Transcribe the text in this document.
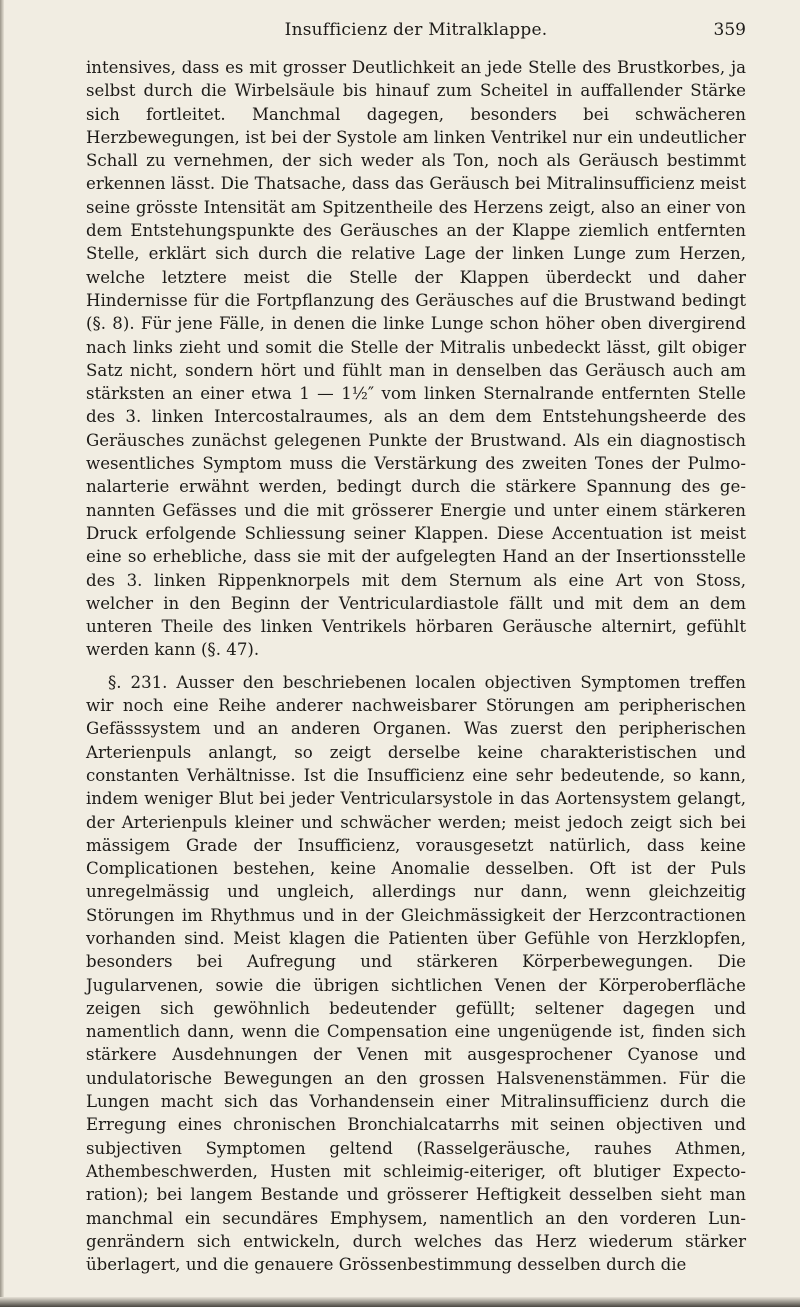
Insufficienz der Mitralklappe.	359

intensives, dass es mit grosser Deutlichkeit an jede Stelle des Brustkorbes, ja selbst durch die Wirbelsäule bis hinauf zum Scheitel in auffallender Stärke sich fortleitet. Manchmal dagegen, besonders bei schwächeren Herzbewegungen, ist bei der Systole am linken Ventrikel nur ein undeutlicher Schall zu vernehmen, der sich weder als Ton, noch als Geräusch bestimmt erkennen lässt. Die Thatsache, dass das Geräusch bei Mitralinsufficienz meist seine grösste Intensität am Spitzentheile des Herzens zeigt, also an einer von dem Entstehungspunkte des Geräusches an der Klappe ziemlich entfernten Stelle, erklärt sich durch die relative Lage der linken Lunge zum Herzen, welche letztere meist die Stelle der Klappen überdeckt und daher Hindernisse für die Fortpflanzung des Geräusches auf die Brustwand bedingt (§. 8). Für jene Fälle, in denen die linke Lunge schon höher oben divergirend nach links zieht und somit die Stelle der Mitralis unbedeckt lässt, gilt obiger Satz nicht, sondern hört und fühlt man in denselben das Geräusch auch am stärksten an einer etwa 1 — 1½″ vom linken Sternalrande entfernten Stelle des 3. linken Intercostalraumes, als an dem dem Entstehungsheerde des Geräusches zunächst gelegenen Punkte der Brustwand. Als ein diagnostisch wesentliches Symptom muss die Verstärkung des zweiten Tones der Pulmonalarterie erwähnt werden, bedingt durch die stärkere Spannung des genannten Gefässes und die mit grösserer Energie und unter einem stärkeren Druck erfolgende Schliessung seiner Klappen. Diese Accentuation ist meist eine so erhebliche, dass sie mit der aufgelegten Hand an der Insertionsstelle des 3. linken Rippenknorpels mit dem Sternum als eine Art von Stoss, welcher in den Beginn der Ventriculardiastole fällt und mit dem an dem unteren Theile des linken Ventrikels hörbaren Geräusche alternirt, gefühlt werden kann (§. 47).

§. 231. Ausser den beschriebenen localen objectiven Symptomen treffen wir noch eine Reihe anderer nachweisbarer Störungen am peripherischen Gefässsystem und an anderen Organen. Was zuerst den peripherischen Arterienpuls anlangt, so zeigt derselbe keine charakteristischen und constanten Verhältnisse. Ist die Insufficienz eine sehr bedeutende, so kann, indem weniger Blut bei jeder Ventricularsystole in das Aortensystem gelangt, der Arterienpuls kleiner und schwächer werden; meist jedoch zeigt sich bei mässigem Grade der Insufficienz, vorausgesetzt natürlich, dass keine Complicationen bestehen, keine Anomalie desselben. Oft ist der Puls unregelmässig und ungleich, allerdings nur dann, wenn gleichzeitig Störungen im Rhythmus und in der Gleichmässigkeit der Herzcontractionen vorhanden sind. Meist klagen die Patienten über Gefühle von Herzklopfen, besonders bei Aufregung und stärkeren Körperbewegungen. Die Jugularvenen, sowie die übrigen sichtlichen Venen der Körperoberfläche zeigen sich gewöhnlich bedeutender gefüllt; seltener dagegen und namentlich dann, wenn die Compensation eine ungenügende ist, finden sich stärkere Ausdehnungen der Venen mit ausgesprochener Cyanose und undulatorische Bewegungen an den grossen Halsvenenstämmen. Für die Lungen macht sich das Vorhandensein einer Mitralinsufficienz durch die Erregung eines chronischen Bronchialcatarrhs mit seinen objectiven und subjectiven Symptomen geltend (Rasselgeräusche, rauhes Athmen, Athembeschwerden, Husten mit schleimig-eiteriger, oft blutiger Expectoration); bei langem Bestande und grösserer Heftigkeit desselben sieht man manchmal ein secundäres Emphysem, namentlich an den vorderen Lungenrändern sich entwickeln, durch welches das Herz wiederum stärker überlagert, und die genauere Grössenbestimmung desselben durch die
